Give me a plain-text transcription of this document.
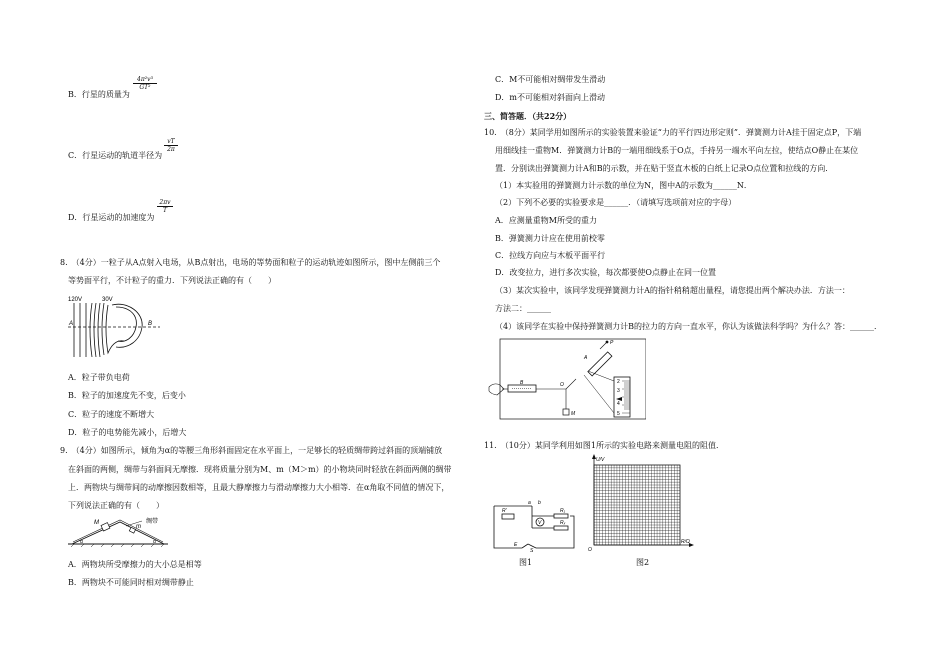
B．行星的质量为
$\frac{\text{4π²v³}}{\text{GT²}}$
C．行星运动的轨道半径为
$\frac{vT}{2\pi}$
D．行星运动的加速度为
$\frac{2\pi v}{T}$
8.　（4分）一粒子从A点射入电场，从B点射出，电场的等势面和粒子的运动轨迹如图所示，图中左侧前三个
等势面平行，不计粒子的重力．下列说法正确的有（　　）
120V	30V
A	B
A．粒子带负电荷
B．粒子的加速度先不变，后变小
C．粒子的速度不断增大
D．粒子的电势能先减小，后增大
9.　（4分）如图所示，倾角为α的等腰三角形斜面固定在水平面上，一足够长的轻质绸带跨过斜面的顶端铺放
在斜面的两侧，绸带与斜面间无摩擦．现将质量分别为M、m（M＞m）的小物块同时轻放在斜面两侧的绸带
上．两物块与绸带间的动摩擦因数相等，且最大静摩擦力与滑动摩擦力大小相等．在α角取不同值的情况下，
下列说法正确的有（　　）
M
m
绸带
α	α
A．两物块所受摩擦力的大小总是相等
B．两物块不可能同时相对绸带静止
C．M不可能相对绸带发生滑动
D．m不可能相对斜面向上滑动
三、简答题．（共22分）
10.　（8分）某同学用如图所示的实验装置来验证“力的平行四边形定则”．弹簧测力计A挂于固定点P，下端
用细线挂一重物M．弹簧测力计B的一端用细线系于O点，手持另一端水平向左拉，使结点O静止在某位
置．分别读出弹簧测力计A和B的示数，并在贴于竖直木板的白纸上记录O点位置和拉线的方向．
（1）本实验用的弹簧测力计示数的单位为N，图中A的示数为______N．
（2）下列不必要的实验要求是______．（请填写选项前对应的字母）
A．应测量重物M所受的重力
B．弹簧测力计应在使用前校零
C．拉线方向应与木板平面平行
D．改变拉力，进行多次实验，每次都要使O点静止在同一位置
（3）某次实验中，该同学发现弹簧测力计A的指针稍稍超出量程，请您提出两个解决办法．方法一：
方法二：______
（4）该同学在实验中保持弹簧测力计B的拉力的方向一直水平，你认为该做法科学吗？为什么？答：______．
B	O
M
P
A
2
3
4
5
11.　（10分）某同学利用如图1所示的实验电路来测量电阻的阻值．
V
R'
a b
R₁
Rₓ
S
E
图1
U/V
R/Ω
O
图2
